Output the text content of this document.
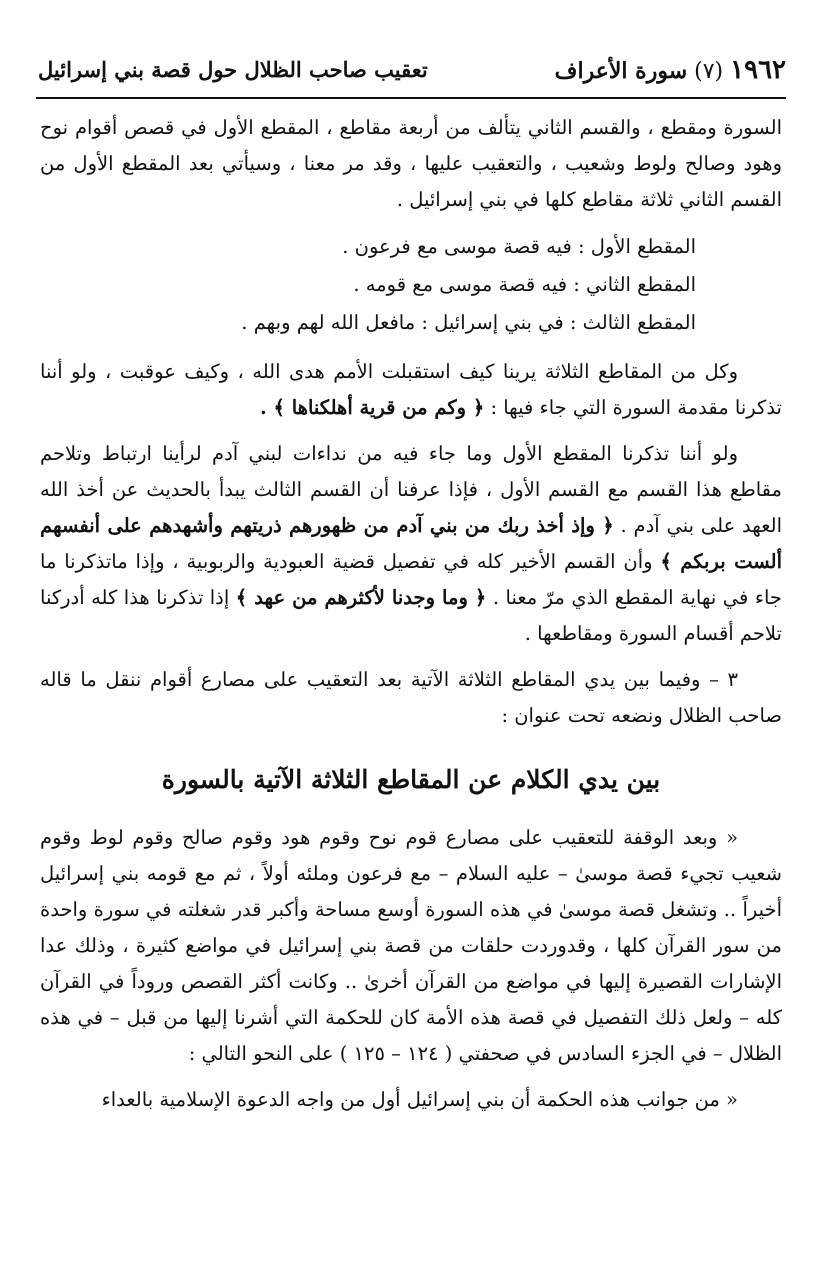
تعقيب صاحب الظلال حول قصة بني إسرائيل	١٩٦٢ (٧) سورة الأعراف

السورة ومقطع ، والقسم الثاني يتألف من أربعة مقاطع ، المقطع الأول في قصص أقوام نوح وهود وصالح ولوط وشعيب ، والتعقيب عليها ، وقد مر معنا ، وسيأتي بعد المقطع الأول من القسم الثاني ثلاثة مقاطع كلها في بني إسرائيل .

المقطع الأول : فيه قصة موسى مع فرعون .

المقطع الثاني : فيه قصة موسى مع قومه .

المقطع الثالث : في بني إسرائيل : مافعل الله لهم وبهم .

وكل من المقاطع الثلاثة يرينا كيف استقبلت الأمم هدى الله ، وكيف عوقبت ، ولو أننا تذكرنا مقدمة السورة التي جاء فيها : ﴿ وكم من قرية أهلكناها ﴾ .

ولو أننا تذكرنا المقطع الأول وما جاء فيه من نداءات لبني آدم لرأينا ارتباط وتلاحم مقاطع هذا القسم مع القسم الأول ، فإذا عرفنا أن القسم الثالث يبدأ بالحديث عن أخذ الله العهد على بني آدم . ﴿ وإذ أخذ ربك من بني آدم من ظهورهم ذريتهم وأشهدهم على أنفسهم ألست بربكم ﴾ وأن القسم الأخير كله في تفصيل قضية العبودية والربوبية ، وإذا ماتذكرنا ما جاء في نهاية المقطع الذي مرّ معنا . ﴿ وما وجدنا لأكثرهم من عهد ﴾ إذا تذكرنا هذا كله أدركنا تلاحم أقسام السورة ومقاطعها .

٣ – وفيما بين يدي المقاطع الثلاثة الآتية بعد التعقيب على مصارع أقوام ننقل ما قاله صاحب الظلال ونضعه تحت عنوان :

بين يدي الكلام عن المقاطع الثلاثة الآتية بالسورة

« وبعد الوقفة للتعقيب على مصارع قوم نوح وقوم هود وقوم صالح وقوم لوط وقوم شعيب تجيء قصة موسىٰ – عليه السلام – مع فرعون وملئه أولاً ، ثم مع قومه بني إسرائيل أخيراً .. وتشغل قصة موسىٰ في هذه السورة أوسع مساحة وأكبر قدر شغلته في سورة واحدة من سور القرآن كلها ، وقدوردت حلقات من قصة بني إسرائيل في مواضع كثيرة ، وذلك عدا الإشارات القصيرة إليها في مواضع من القرآن أخرىٰ .. وكانت أكثر القصص وروداً في القرآن كله – ولعل ذلك التفصيل في قصة هذه الأمة كان للحكمة التي أشرنا إليها من قبل – في هذه الظلال – في الجزء السادس في صحفتي ( ١٢٤ – ١٢٥ ) على النحو التالي :

« من جوانب هذه الحكمة أن بني إسرائيل أول من واجه الدعوة الإسلامية بالعداء
